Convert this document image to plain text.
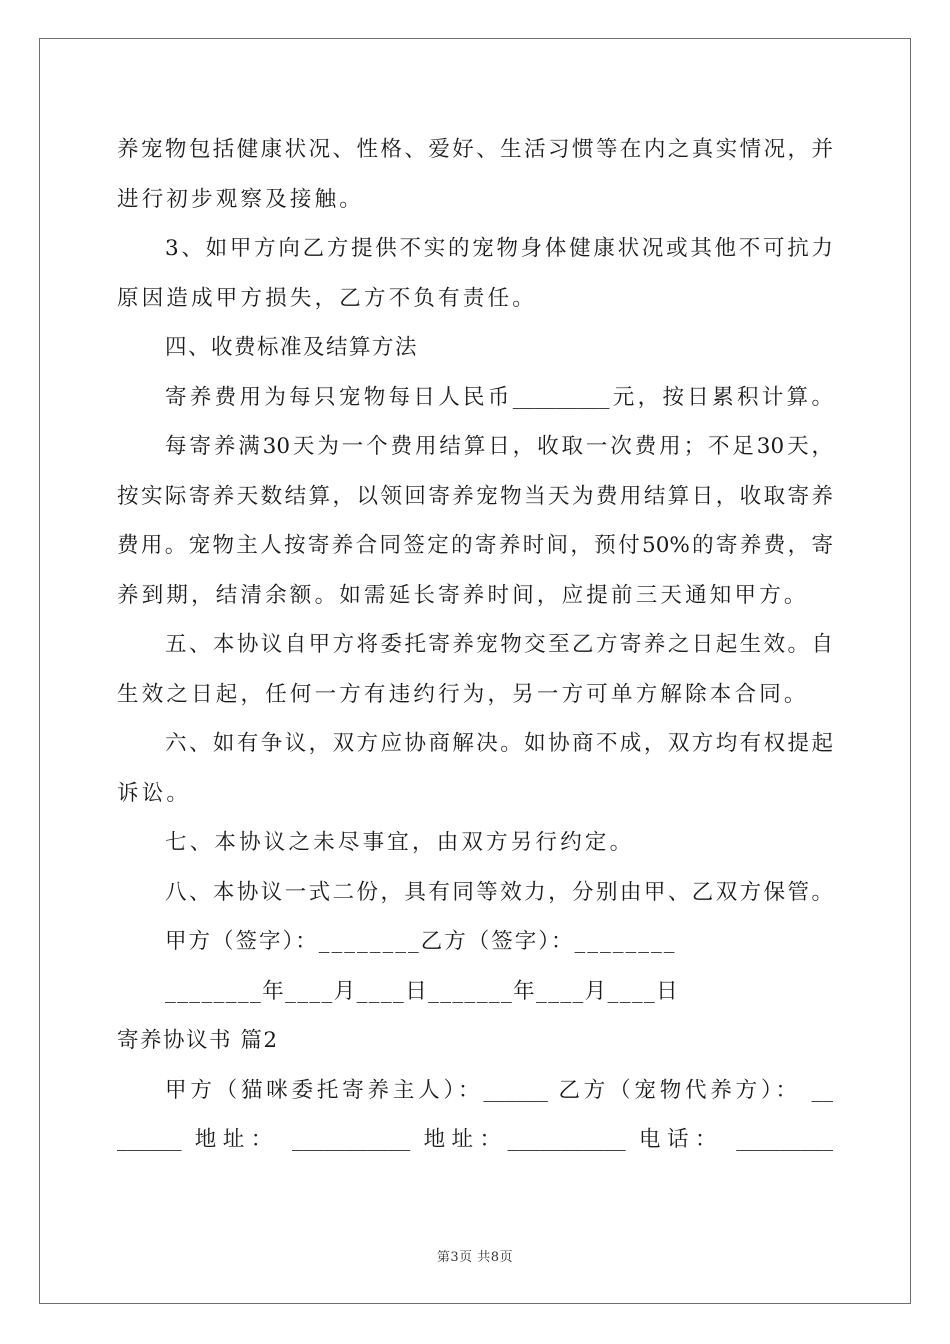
养宠物包括健康状况、性格、爱好、生活习惯等在内之真实情况，并
进行初步观察及接触。
3、如甲方向乙方提供不实的宠物身体健康状况或其他不可抗力
原因造成甲方损失，乙方不负有责任。
四、收费标准及结算方法
寄养费用为每只宠物每日人民币_________元，按日累积计算。
每寄养满30天为一个费用结算日，收取一次费用；不足30天，
按实际寄养天数结算，以领回寄养宠物当天为费用结算日，收取寄养
费用。宠物主人按寄养合同签定的寄养时间，预付50%的寄养费，寄
养到期，结清余额。如需延长寄养时间，应提前三天通知甲方。
五、本协议自甲方将委托寄养宠物交至乙方寄养之日起生效。自
生效之日起，任何一方有违约行为，另一方可单方解除本合同。
六、如有争议，双方应协商解决。如协商不成，双方均有权提起
诉讼。
七、本协议之未尽事宜，由双方另行约定。
八、本协议一式二份，具有同等效力，分别由甲、乙双方保管。
甲方（签字）：________乙方（签字）：________
________年____月____日_______年____月____日
寄养协议书 篇2
甲方（猫咪委托寄养主人）：______ 乙方（宠物代养方）： __
______ 地址： ___________ 地址：___________ 电话： _________
第3页 共8页
